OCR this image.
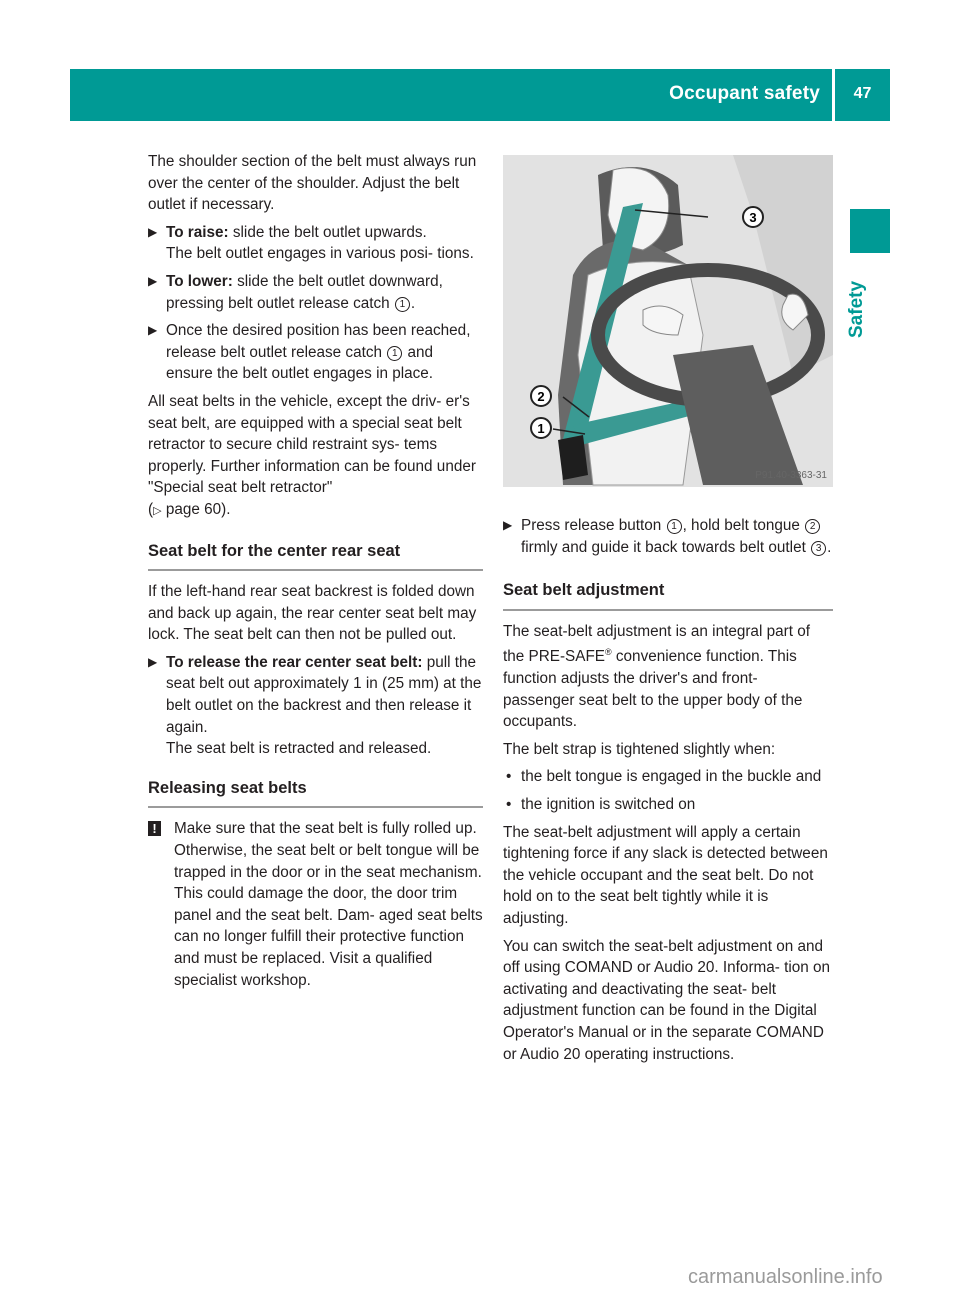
Occupant safety	47
Safety

The shoulder section of the belt must always run over the center of the shoulder. Adjust the belt outlet if necessary.

▶ To raise: slide the belt outlet upwards.
The belt outlet engages in various posi- tions.
▶ To lower: slide the belt outlet downward, pressing belt outlet release catch 1 .
▶ Once the desired position has been reached, release belt outlet release catch 1 and ensure the belt outlet engages in place.

All seat belts in the vehicle, except the driv- er's seat belt, are equipped with a special seat belt retractor to secure child restraint sys- tems properly. Further information can be found under "Special seat belt retractor"
(▷ page 60).

Seat belt for the center rear seat

If the left-hand rear seat backrest is folded down and back up again, the rear center seat belt may lock. The seat belt can then not be pulled out.

▶ To release the rear center seat belt: pull the seat belt out approximately 1 in (25 mm) at the belt outlet on the backrest and then release it again.
The seat belt is retracted and released.
Releasing seat belts

! Make sure that the seat belt is fully rolled up. Otherwise, the seat belt or belt tongue will be trapped in the door or in the seat mechanism. This could damage the door, the door trim panel and the seat belt. Dam- aged seat belts can no longer fulfill their protective function and must be replaced. Visit a qualified specialist workshop.

1
2
3
P91.40-3363-31
▶ Press release button 1 , hold belt tongue 2 firmly and guide it back towards belt outlet 3 .
Seat belt adjustment

The seat-belt adjustment is an integral part of the PRE-SAFE® convenience function. This function adjusts the driver's and front- passenger seat belt to the upper body of the occupants.

The belt strap is tightened slightly when:

• the belt tongue is engaged in the buckle and
• the ignition is switched on

The seat-belt adjustment will apply a certain tightening force if any slack is detected between the vehicle occupant and the seat belt. Do not hold on to the seat belt tightly while it is adjusting.

You can switch the seat-belt adjustment on and off using COMAND or Audio 20. Informa- tion on activating and deactivating the seat- belt adjustment function can be found in the Digital Operator's Manual or in the separate COMAND or Audio 20 operating instructions.

carmanualsonline.info
